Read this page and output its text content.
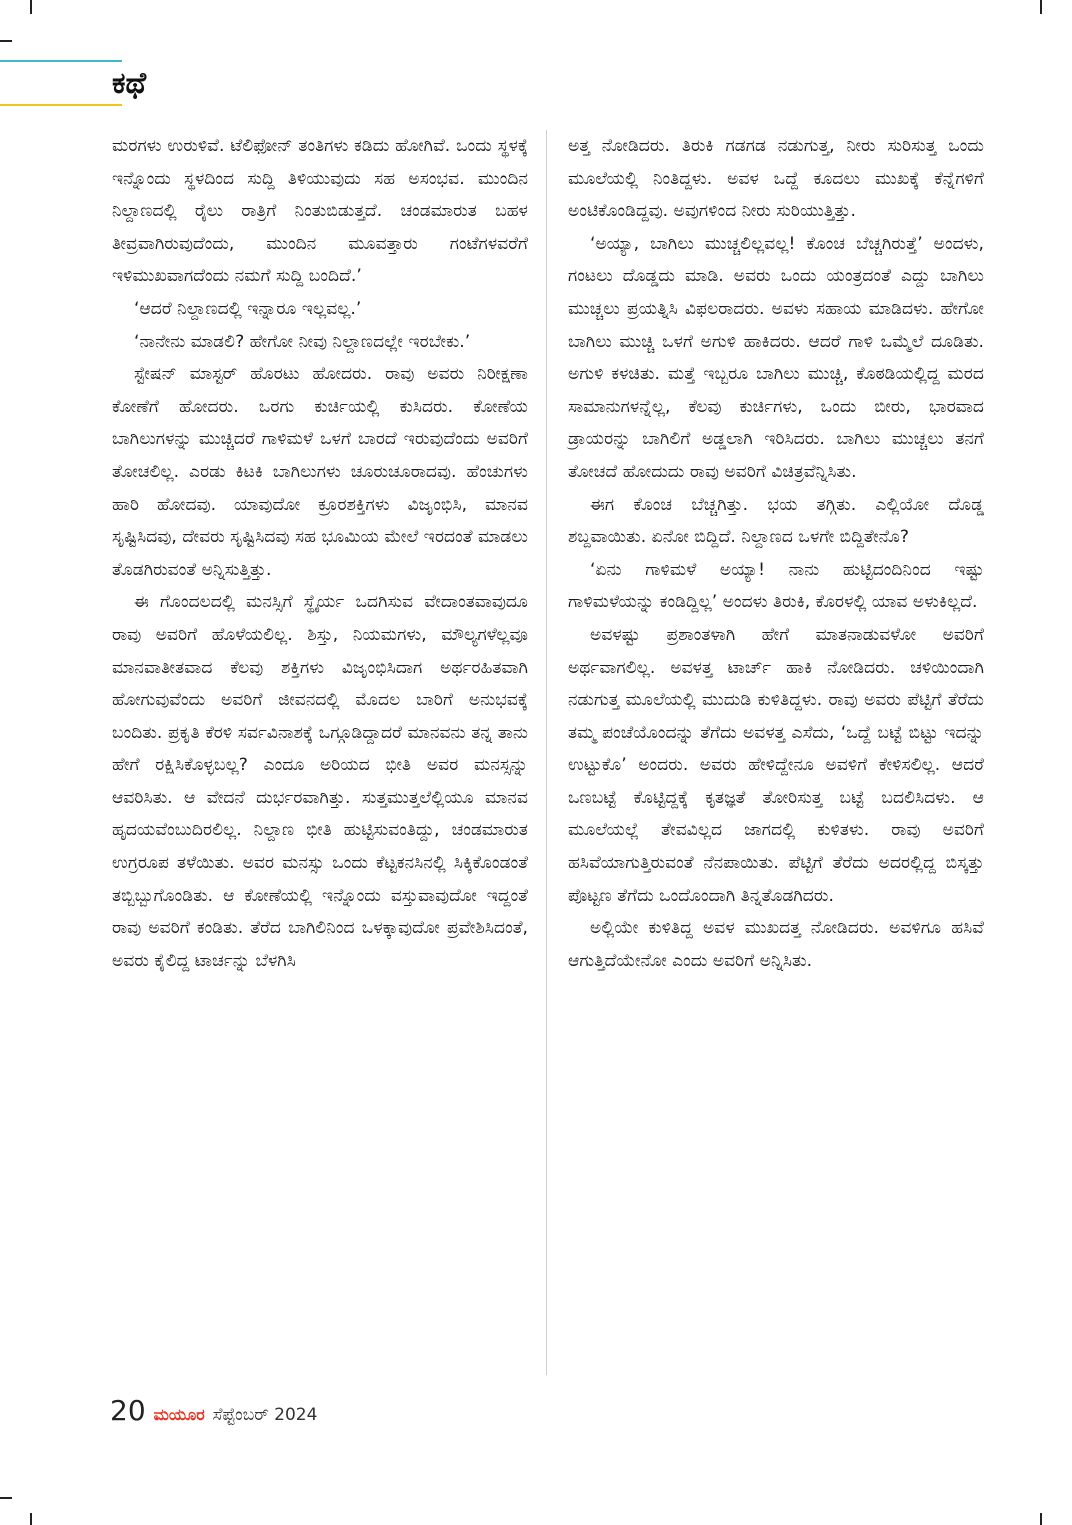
ಕಥೆ

ಮರಗಳು ಉರುಳಿವೆ. ಟೆಲಿಫೋನ್ ತಂತಿಗಳು ಕಡಿದು ಹೋಗಿವೆ. ಒಂದು ಸ್ಥಳಕ್ಕೆ ಇನ್ನೊಂದು ಸ್ಥಳದಿಂದ ಸುದ್ದಿ ತಿಳಿಯುವುದು ಸಹ ಅಸಂಭವ. ಮುಂದಿನ ನಿಲ್ದಾಣದಲ್ಲಿ ರೈಲು ರಾತ್ರಿಗೆ ನಿಂತುಬಿಡುತ್ತದೆ. ಚಂಡಮಾರುತ ಬಹಳ ತೀವ್ರವಾಗಿರುವುದೆಂದು, ಮುಂದಿನ ಮೂವತ್ತಾರು ಗಂಟೆಗಳವರೆಗೆ ಇಳಿಮುಖವಾಗದೆಂದು ನಮಗೆ ಸುದ್ದಿ ಬಂದಿದೆ.’

‘ಆದರೆ ನಿಲ್ದಾಣದಲ್ಲಿ ಇನ್ನಾರೂ ಇಲ್ಲವಲ್ಲ.’

‘ನಾನೇನು ಮಾಡಲಿ? ಹೇಗೋ ನೀವು ನಿಲ್ದಾಣದಲ್ಲೇ ಇರಬೇಕು.’

ಸ್ಟೇಷನ್ ಮಾಸ್ಟರ್ ಹೊರಟು ಹೋದರು. ರಾವು ಅವರು ನಿರೀಕ್ಷಣಾ ಕೋಣೆಗೆ ಹೋದರು. ಒರಗು ಕುರ್ಚಿಯಲ್ಲಿ ಕುಸಿದರು. ಕೋಣೆಯ ಬಾಗಿಲುಗಳನ್ನು ಮುಚ್ಚಿದರೆ ಗಾಳಿಮಳೆ ಒಳಗೆ ಬಾರದೆ ಇರುವುದೆಂದು ಅವರಿಗೆ ತೋಚಲಿಲ್ಲ. ಎರಡು ಕಿಟಕಿ ಬಾಗಿಲುಗಳು ಚೂರುಚೂರಾದವು. ಹೆಂಚುಗಳು ಹಾರಿ ಹೋದವು. ಯಾವುದೋ ಕ್ರೂರಶಕ್ತಿಗಳು ವಿಜೃಂಭಿಸಿ, ಮಾನವ ಸೃಷ್ಟಿಸಿದವು, ದೇವರು ಸೃಷ್ಟಿಸಿದವು ಸಹ ಭೂಮಿಯ ಮೇಲೆ ಇರದಂತೆ ಮಾಡಲು ತೊಡಗಿರುವಂತೆ ಅನ್ನಿಸುತ್ತಿತ್ತು.

ಈ ಗೊಂದಲದಲ್ಲಿ ಮನಸ್ಸಿಗೆ ಸ್ಥೈರ್ಯ ಒದಗಿಸುವ ವೇದಾಂತವಾವುದೂ ರಾವು ಅವರಿಗೆ ಹೊಳೆಯಲಿಲ್ಲ. ಶಿಸ್ತು, ನಿಯಮಗಳು, ಮೌಲ್ಯಗಳೆಲ್ಲವೂ ಮಾನವಾತೀತವಾದ ಕೆಲವು ಶಕ್ತಿಗಳು ವಿಜೃಂಭಿಸಿದಾಗ ಅರ್ಥರಹಿತವಾಗಿ ಹೋಗುವುವೆಂದು ಅವರಿಗೆ ಜೀವನದಲ್ಲಿ ಮೊದಲ ಬಾರಿಗೆ ಅನುಭವಕ್ಕೆ ಬಂದಿತು. ಪ್ರಕೃತಿ ಕೆರಳಿ ಸರ್ವವಿನಾಶಕ್ಕೆ ಒಗ್ಗೂಡಿದ್ದಾದರೆ ಮಾನವನು ತನ್ನ ತಾನು ಹೇಗೆ ರಕ್ಷಿಸಿಕೊಳ್ಳಬಲ್ಲ? ಎಂದೂ ಅರಿಯದ ಭೀತಿ ಅವರ ಮನಸ್ಸನ್ನು ಆವರಿಸಿತು. ಆ ವೇದನೆ ದುರ್ಭರವಾಗಿತ್ತು. ಸುತ್ತಮುತ್ತಲೆಲ್ಲಿಯೂ ಮಾನವ ಹೃದಯವೆಂಬುದಿರಲಿಲ್ಲ. ನಿಲ್ದಾಣ ಭೀತಿ ಹುಟ್ಟಿಸುವಂತಿದ್ದು, ಚಂಡಮಾರುತ ಉಗ್ರರೂಪ ತಳೆಯಿತು. ಅವರ ಮನಸ್ಸು ಒಂದು ಕೆಟ್ಟಕನಸಿನಲ್ಲಿ ಸಿಕ್ಕಿಕೊಂಡಂತೆ ತಬ್ಬಿಬ್ಬುಗೊಂಡಿತು. ಆ ಕೋಣೆಯಲ್ಲಿ ಇನ್ನೊಂದು ವಸ್ತುವಾವುದೋ ಇದ್ದಂತೆ ರಾವು ಅವರಿಗೆ ಕಂಡಿತು. ತೆರೆದ ಬಾಗಿಲಿನಿಂದ ಒಳಕ್ಕಾವುದೋ ಪ್ರವೇಶಿಸಿದಂತೆ, ಅವರು ಕೈಲಿದ್ದ ಟಾರ್ಚನ್ನು ಬೆಳಗಿಸಿ

ಅತ್ತ ನೋಡಿದರು. ತಿರುಕಿ ಗಡಗಡ ನಡುಗುತ್ತ, ನೀರು ಸುರಿಸುತ್ತ ಒಂದು ಮೂಲೆಯಲ್ಲಿ ನಿಂತಿದ್ದಳು. ಅವಳ ಒದ್ದೆ ಕೂದಲು ಮುಖಕ್ಕೆ ಕೆನ್ನೆಗಳಿಗೆ ಅಂಟಿಕೊಂಡಿದ್ದವು. ಅವುಗಳಿಂದ ನೀರು ಸುರಿಯುತ್ತಿತ್ತು.

‘ಅಯ್ಯಾ, ಬಾಗಿಲು ಮುಚ್ಚಲಿಲ್ಲವಲ್ಲ! ಕೊಂಚ ಬೆಚ್ಚಗಿರುತ್ತೆ’ ಅಂದಳು, ಗಂಟಲು ದೊಡ್ಡದು ಮಾಡಿ. ಅವರು ಒಂದು ಯಂತ್ರದಂತೆ ಎದ್ದು ಬಾಗಿಲು ಮುಚ್ಚಲು ಪ್ರಯತ್ನಿಸಿ ವಿಫಲರಾದರು. ಅವಳು ಸಹಾಯ ಮಾಡಿದಳು. ಹೇಗೋ ಬಾಗಿಲು ಮುಚ್ಚಿ ಒಳಗೆ ಅಗುಳಿ ಹಾಕಿದರು. ಆದರೆ ಗಾಳಿ ಒಮ್ಮೆಲೆ ದೂಡಿತು. ಅಗುಳಿ ಕಳಚಿತು. ಮತ್ತೆ ಇಬ್ಬರೂ ಬಾಗಿಲು ಮುಚ್ಚಿ, ಕೊಠಡಿಯಲ್ಲಿದ್ದ ಮರದ ಸಾಮಾನುಗಳನ್ನೆಲ್ಲ, ಕೆಲವು ಕುರ್ಚಿಗಳು, ಒಂದು ಬೀರು, ಭಾರವಾದ ಡ್ರಾಯರನ್ನು ಬಾಗಿಲಿಗೆ ಅಡ್ಡಲಾಗಿ ಇರಿಸಿದರು. ಬಾಗಿಲು ಮುಚ್ಚಲು ತನಗೆ ತೋಚದೆ ಹೋದುದು ರಾವು ಅವರಿಗೆ ವಿಚಿತ್ರವೆನ್ನಿಸಿತು.

ಈಗ ಕೊಂಚ ಬೆಚ್ಚಗಿತ್ತು. ಭಯ ತಗ್ಗಿತು. ಎಲ್ಲಿಯೋ ದೊಡ್ಡ ಶಬ್ದವಾಯಿತು. ಏನೋ ಬಿದ್ದಿದೆ. ನಿಲ್ದಾಣದ ಒಳಗೇ ಬಿದ್ದಿತೇನೊ?

‘ಏನು ಗಾಳಿಮಳೆ ಅಯ್ಯಾ! ನಾನು ಹುಟ್ಟಿದಂದಿನಿಂದ ಇಷ್ಟು ಗಾಳಿಮಳೆಯನ್ನು ಕಂಡಿದ್ದಿಲ್ಲ’ ಅಂದಳು ತಿರುಕಿ, ಕೊರಳಲ್ಲಿ ಯಾವ ಅಳುಕಿಲ್ಲದೆ.

ಅವಳಷ್ಟು ಪ್ರಶಾಂತಳಾಗಿ ಹೇಗೆ ಮಾತನಾಡುವಳೋ ಅವರಿಗೆ ಅರ್ಥವಾಗಲಿಲ್ಲ. ಅವಳತ್ತ ಟಾರ್ಚ್ ಹಾಕಿ ನೋಡಿದರು. ಚಳಿಯಿಂದಾಗಿ ನಡುಗುತ್ತ ಮೂಲೆಯಲ್ಲಿ ಮುದುಡಿ ಕುಳಿತಿದ್ದಳು. ರಾವು ಅವರು ಪೆಟ್ಟಿಗೆ ತೆರೆದು ತಮ್ಮ ಪಂಚೆಯೊಂದನ್ನು ತೆಗೆದು ಅವಳತ್ತ ಎಸೆದು, ‘ಒದ್ದೆ ಬಟ್ಟೆ ಬಿಟ್ಟು ಇದನ್ನು ಉಟ್ಟುಕೊ’ ಅಂದರು. ಅವರು ಹೇಳಿದ್ದೇನೂ ಅವಳಿಗೆ ಕೇಳಿಸಲಿಲ್ಲ. ಆದರೆ ಒಣಬಟ್ಟೆ ಕೊಟ್ಟಿದ್ದಕ್ಕೆ ಕೃತಜ್ಞತೆ ತೋರಿಸುತ್ತ ಬಟ್ಟೆ ಬದಲಿಸಿದಳು. ಆ ಮೂಲೆಯಲ್ಲೆ ತೇವವಿಲ್ಲದ ಜಾಗದಲ್ಲಿ ಕುಳಿತಳು. ರಾವು ಅವರಿಗೆ ಹಸಿವೆಯಾಗುತ್ತಿರುವಂತೆ ನೆನಪಾಯಿತು. ಪೆಟ್ಟಿಗೆ ತೆರೆದು ಅದರಲ್ಲಿದ್ದ ಬಿಸ್ಕತ್ತು ಪೊಟ್ಟಣ ತೆಗೆದು ಒಂದೊಂದಾಗಿ ತಿನ್ನತೊಡಗಿದರು.

ಅಲ್ಲಿಯೇ ಕುಳಿತಿದ್ದ ಅವಳ ಮುಖದತ್ತ ನೋಡಿದರು. ಅವಳಿಗೂ ಹಸಿವೆ ಆಗುತ್ತಿದೆಯೇನೋ ಎಂದು ಅವರಿಗೆ ಅನ್ನಿಸಿತು.

20 ಮಯೂರ ಸೆಪ್ಟೆಂಬರ್ 2024
